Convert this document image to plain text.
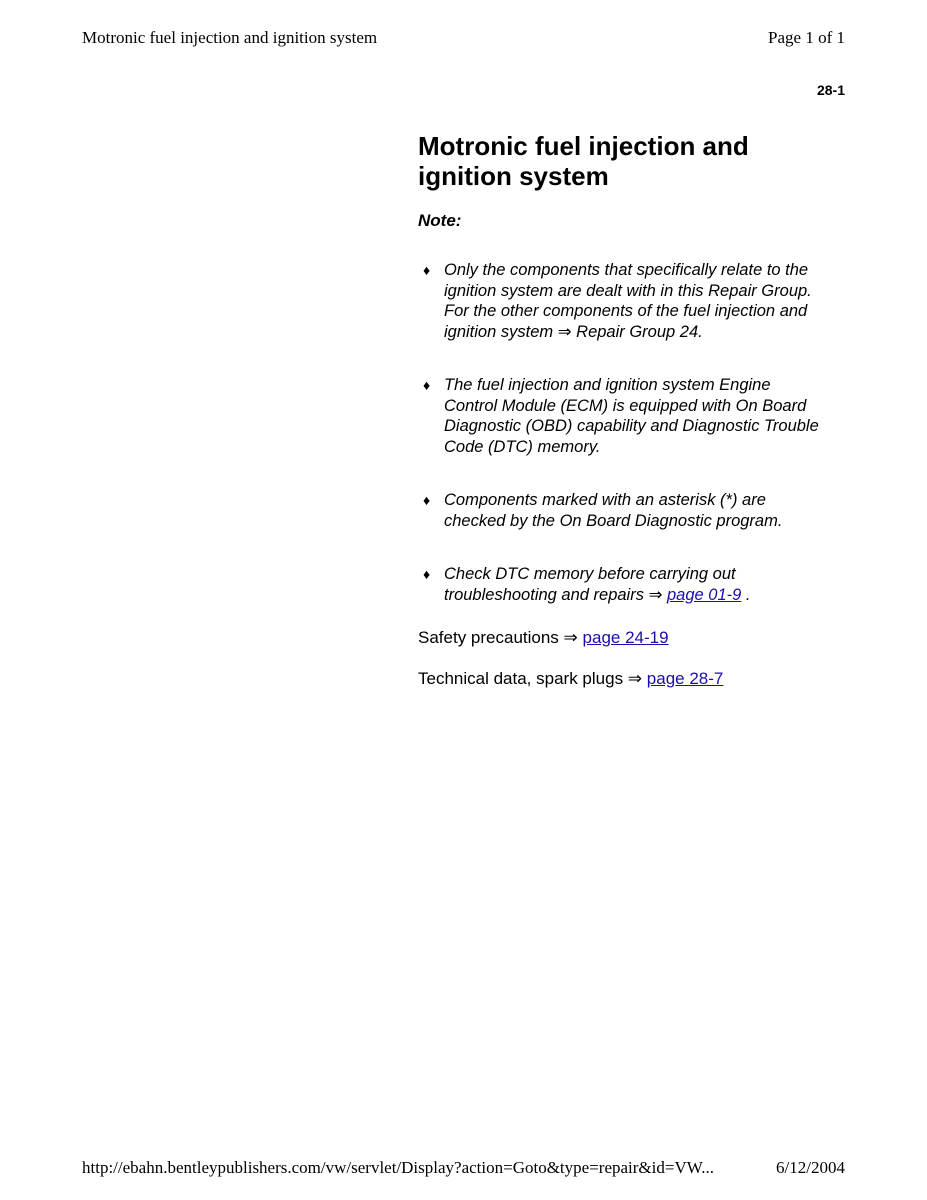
Motronic fuel injection and ignition system	Page 1 of 1
28-1
Motronic fuel injection and ignition system
Note:
♦ Only the components that specifically relate to the ignition system are dealt with in this Repair Group. For the other components of the fuel injection and ignition system ⇒ Repair Group 24.
♦ The fuel injection and ignition system Engine Control Module (ECM) is equipped with On Board Diagnostic (OBD) capability and Diagnostic Trouble Code (DTC) memory.
♦ Components marked with an asterisk (*) are checked by the On Board Diagnostic program.
♦ Check DTC memory before carrying out troubleshooting and repairs ⇒ page 01-9 .
Safety precautions ⇒ page 24-19
Technical data, spark plugs ⇒ page 28-7
http://ebahn.bentleypublishers.com/vw/servlet/Display?action=Goto&type=repair&id=VW...	6/12/2004
